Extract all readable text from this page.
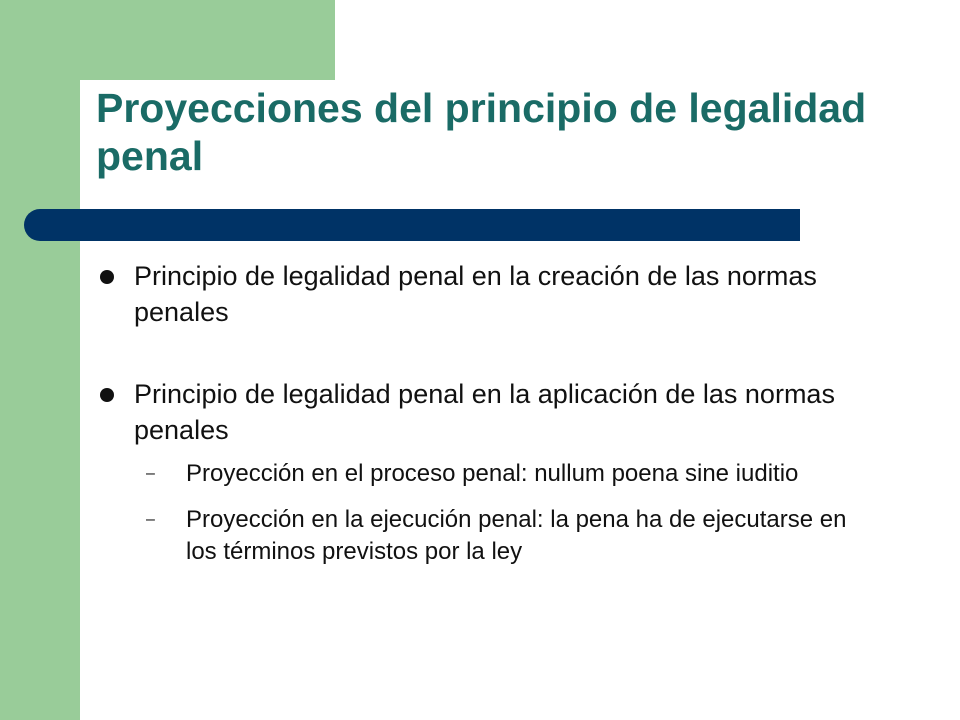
Proyecciones del principio de legalidad penal
Principio de legalidad penal en la creación de las normas penales
Principio de legalidad penal en la aplicación de las normas penales
– Proyección en el proceso penal: nullum poena sine iuditio
– Proyección en la ejecución penal: la pena ha de ejecutarse en los términos previstos por la ley
